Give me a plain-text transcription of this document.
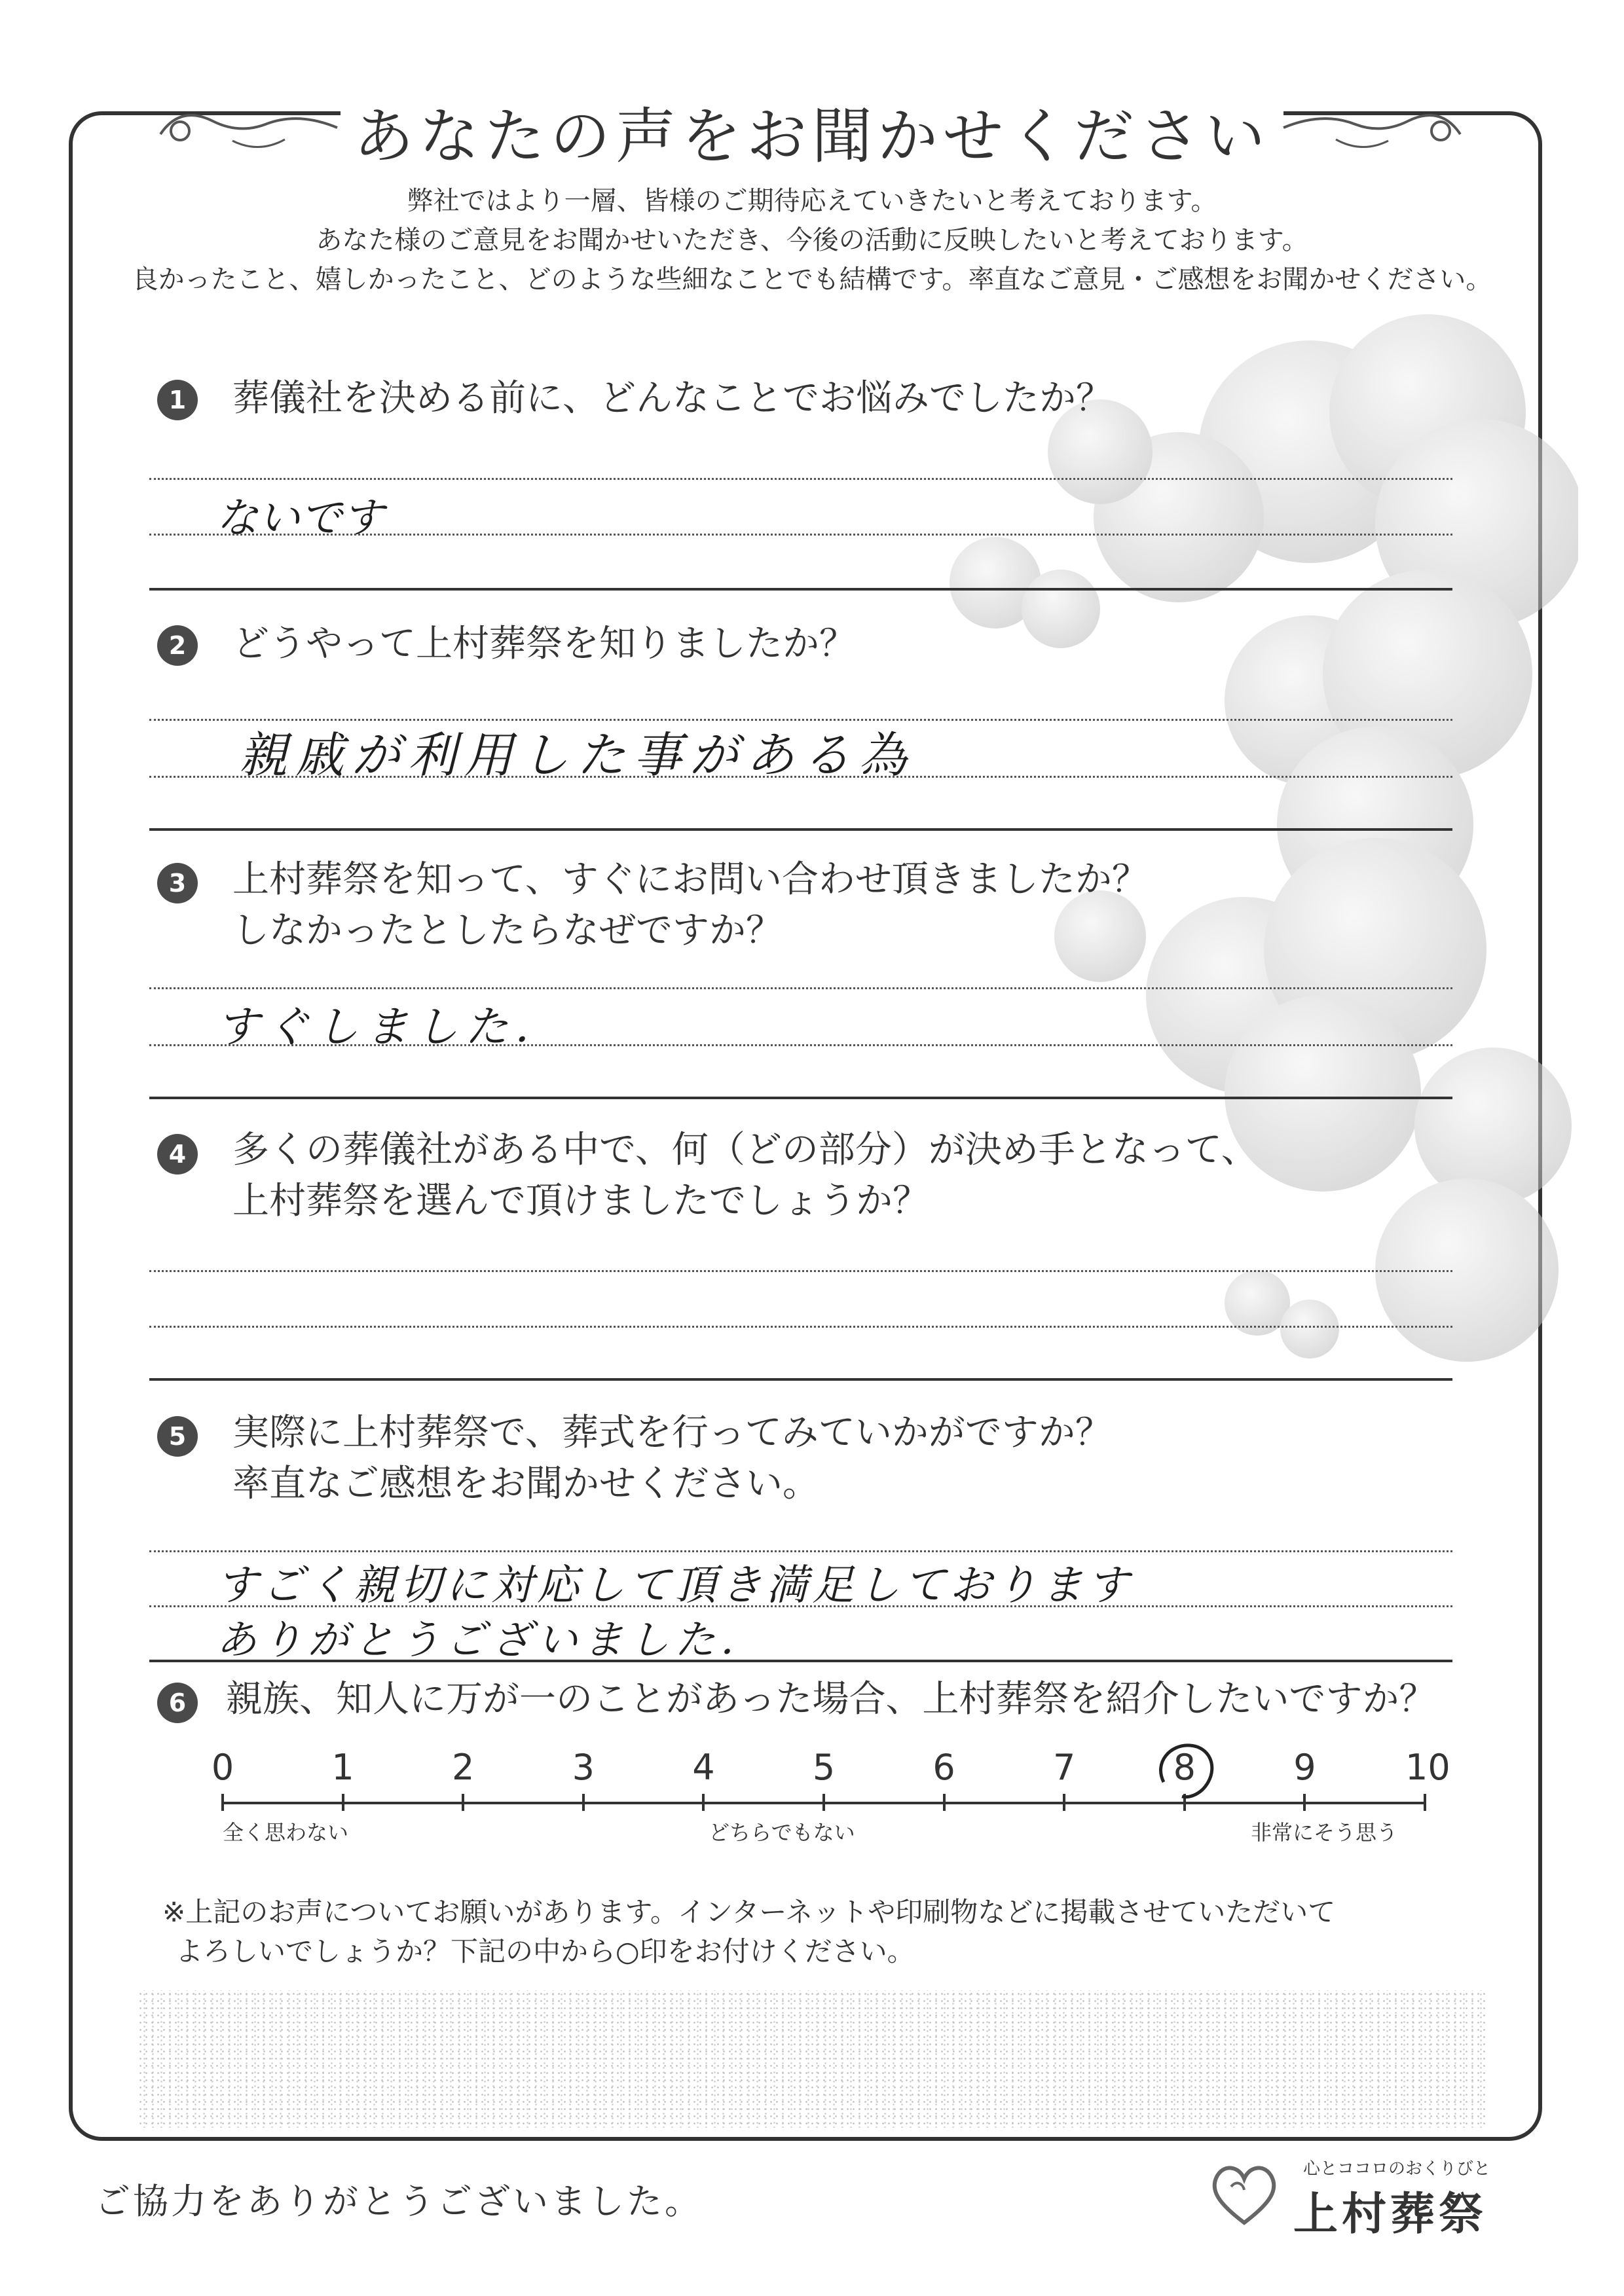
あなたの声をお聞かせください
弊社ではより一層、皆様のご期待応えていきたいと考えております。
あなた様のご意見をお聞かせいただき、今後の活動に反映したいと考えております。
良かったこと、嬉しかったこと、どのような些細なことでも結構です。率直なご意見・ご感想をお聞かせください。
1	葬儀社を決める前に、どんなことでお悩みでしたか？
ないです
2	どうやって上村葬祭を知りましたか？
親戚が利用した事がある為
3	上村葬祭を知って、すぐにお問い合わせ頂きましたか？
しなかったとしたらなぜですか？
すぐしました．
4	多くの葬儀社がある中で、何（どの部分）が決め手となって、
上村葬祭を選んで頂けましたでしょうか？
5	実際に上村葬祭で、葬式を行ってみていかがですか？
率直なご感想をお聞かせください。
すごく親切に対応して頂き満足しております
ありがとうございました．
6	親族、知人に万が一のことがあった場合、上村葬祭を紹介したいですか？
0	1	2	3	4	5	6	7	8	9	10
全く思わない	どちらでもない	非常にそう思う
※上記のお声についてお願いがあります。インターネットや印刷物などに掲載させていただいて
よろしいでしょうか？下記の中から○印をお付けください。
ご協力をありがとうございました。
心とココロのおくりびと
上村葬祭
